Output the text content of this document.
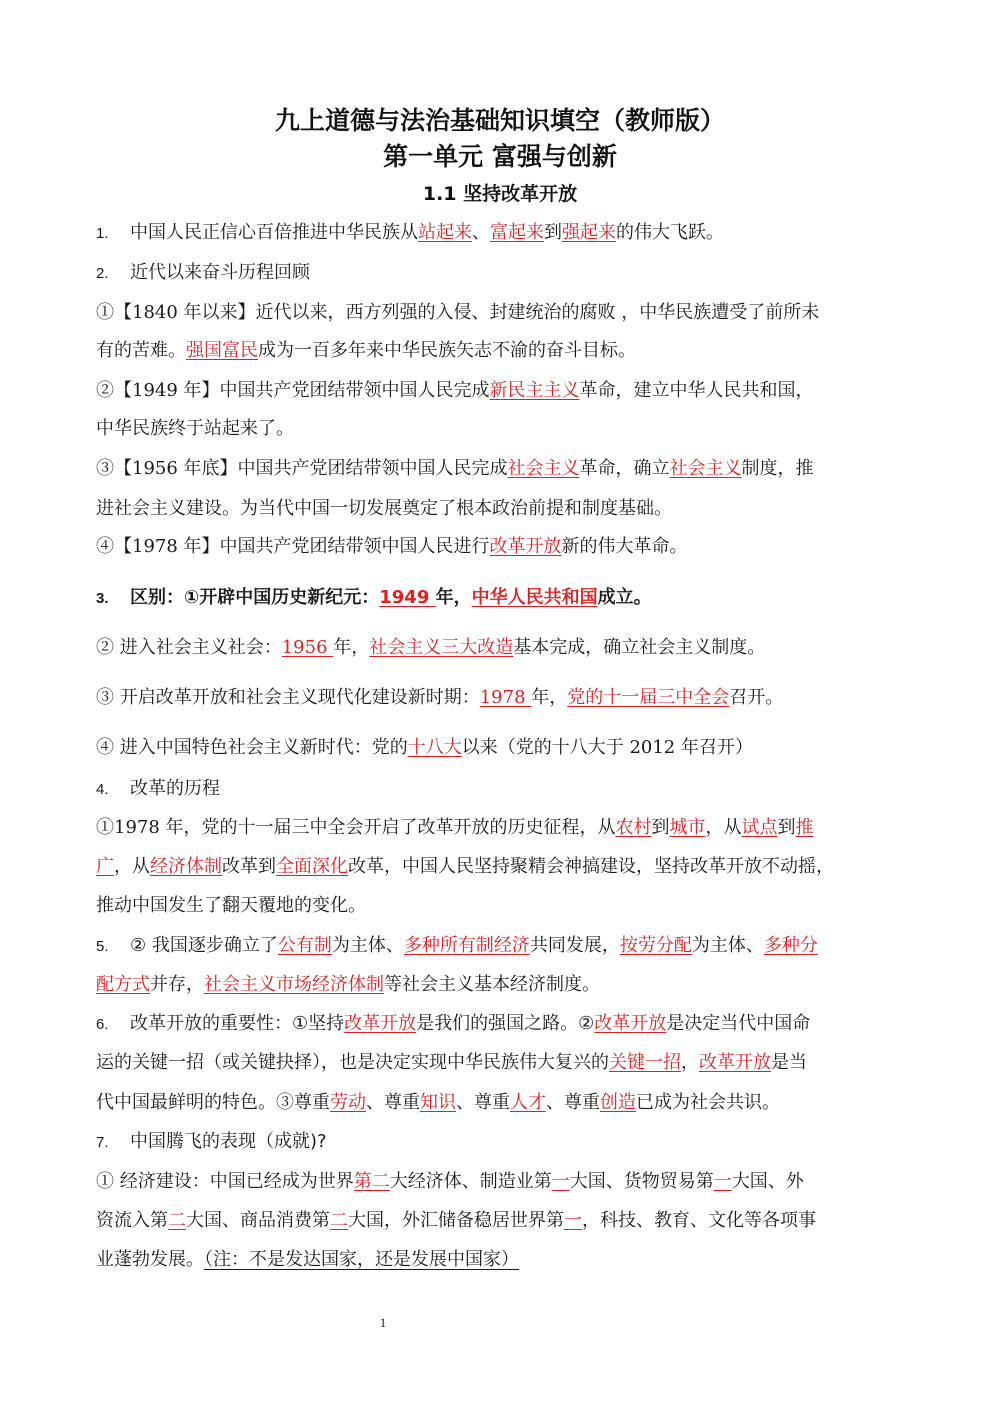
九上道德与法治基础知识填空（教师版）
第一单元 富强与创新
1.1 坚持改革开放
1. 中国人民正信心百倍推进中华民族从站起来、富起来到强起来的伟大飞跃。
2. 近代以来奋斗历程回顾
①【1840 年以来】近代以来，西方列强的入侵、封建统治的腐败 ，中华民族遭受了前所未
有的苦难。强国富民成为一百多年来中华民族矢志不渝的奋斗目标。
②【1949 年】中国共产党团结带领中国人民完成新民主主义革命，建立中华人民共和国，
中华民族终于站起来了。
③【1956 年底】中国共产党团结带领中国人民完成社会主义革命，确立社会主义制度，推
进社会主义建设。为当代中国一切发展奠定了根本政治前提和制度基础。
④【1978 年】中国共产党团结带领中国人民进行改革开放新的伟大革命。
3. 区别：①开辟中国历史新纪元：1949 年，中华人民共和国成立。
② 进入社会主义社会：1956 年，社会主义三大改造基本完成，确立社会主义制度。
③ 开启改革开放和社会主义现代化建设新时期：1978 年，党的十一届三中全会召开。
④ 进入中国特色社会主义新时代：党的十八大以来（党的十八大于 2012 年召开）
4. 改革的历程
①1978 年，党的十一届三中全会开启了改革开放的历史征程，从农村到城市，从试点到推
广，从经济体制改革到全面深化改革，中国人民坚持聚精会神搞建设，坚持改革开放不动摇，
推动中国发生了翻天覆地的变化。
5. ② 我国逐步确立了公有制为主体、多种所有制经济共同发展，按劳分配为主体、多种分
配方式并存，社会主义市场经济体制等社会主义基本经济制度。
6. 改革开放的重要性：①坚持改革开放是我们的强国之路。②改革开放是决定当代中国命
运的关键一招（或关键抉择），也是决定实现中华民族伟大复兴的关键一招，改革开放是当
代中国最鲜明的特色。③尊重劳动、尊重知识、尊重人才、尊重创造已成为社会共识。
7. 中国腾飞的表现（成就)?
① 经济建设：中国已经成为世界第二大经济体、制造业第一大国、货物贸易第一大国、外
资流入第二大国、商品消费第二大国，外汇储备稳居世界第一，科技、教育、文化等各项事
业蓬勃发展。（注：不是发达国家，还是发展中国家）
1
